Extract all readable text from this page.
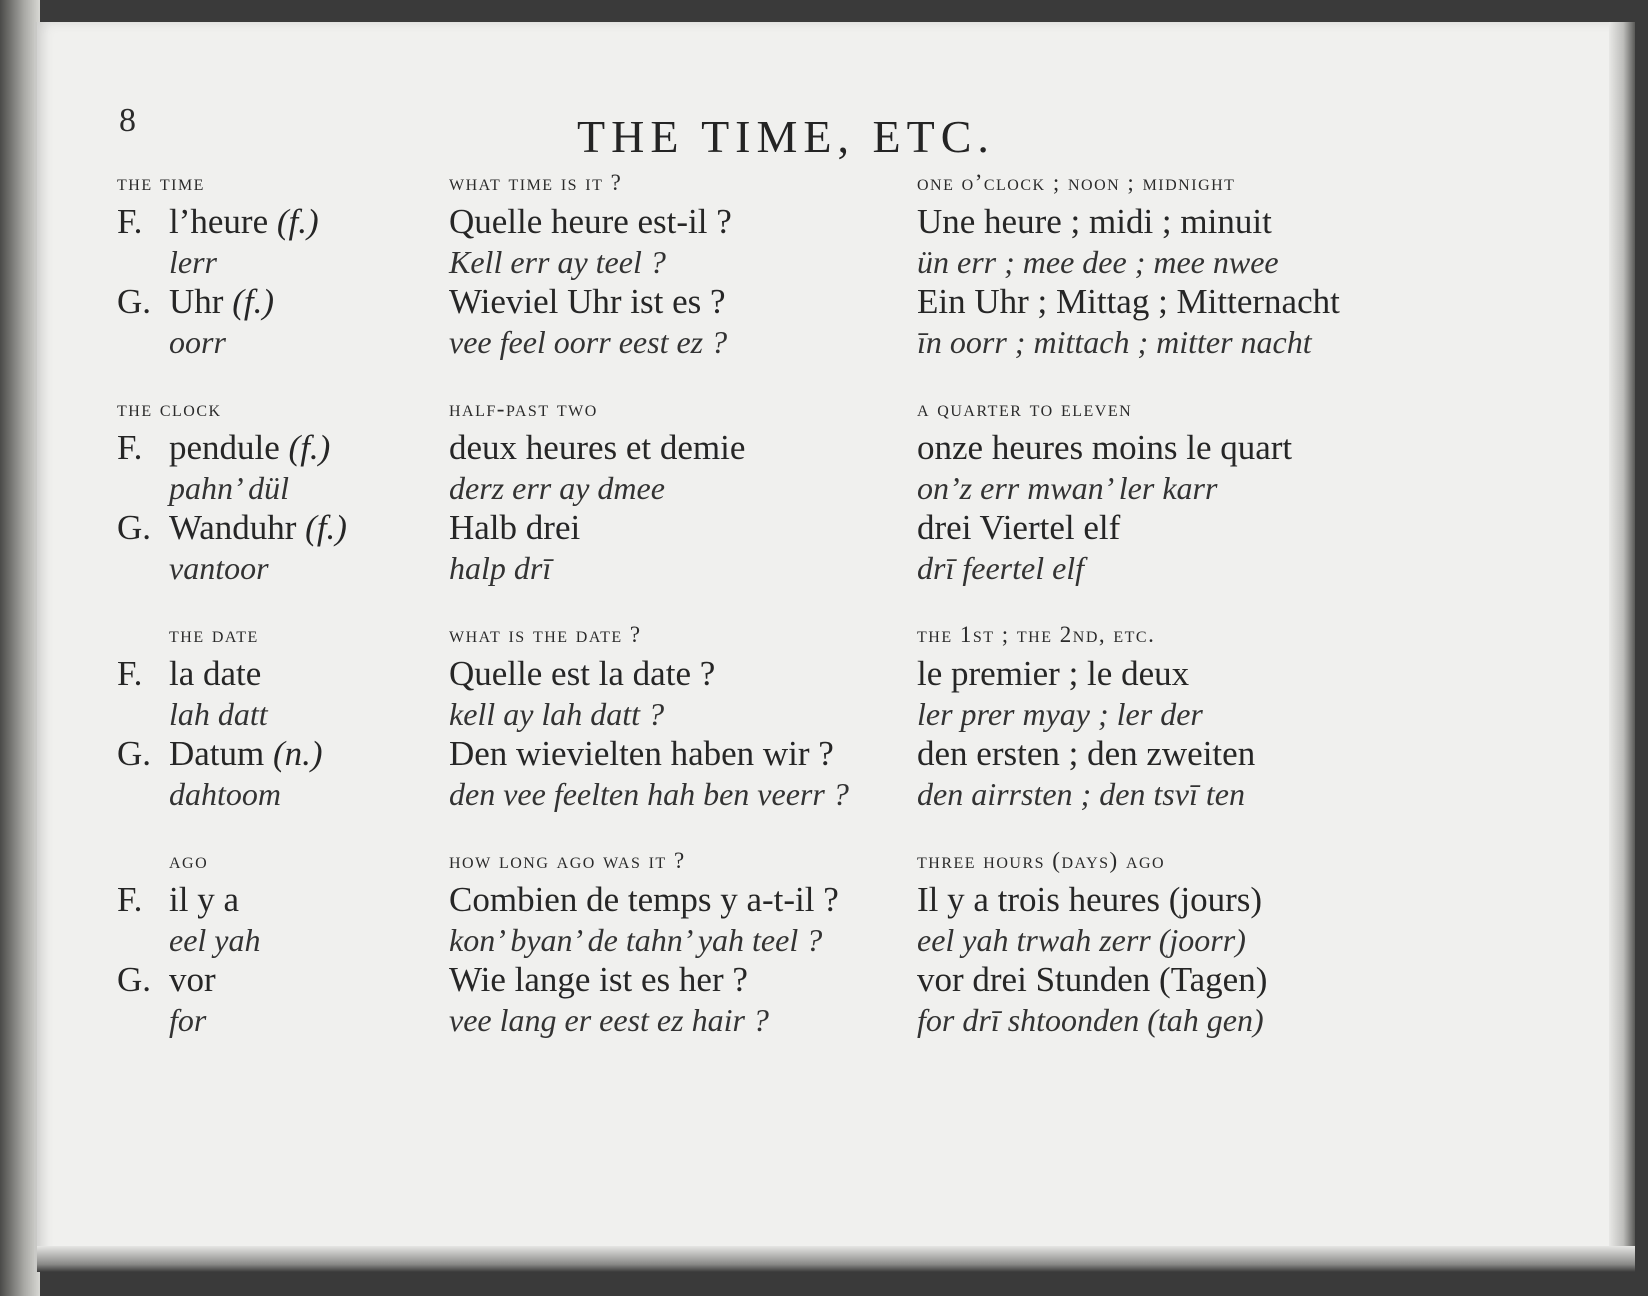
8	THE TIME, ETC.
the time
F. l’heure (f.)
lerr
G. Uhr (f.)
oorr
the clock
F. pendule (f.)
pahn’ dül
G. Wanduhr (f.)
vantoor
the date
F. la date
lah datt
G. Datum (n.)
dahtoom
ago
F. il y a
eel yah
G. vor
for
what time is it ?
Quelle heure est-il ?
Kell err ay teel ?
Wieviel Uhr ist es ?
vee feel oorr eest ez ?
half-past two
deux heures et demie
derz err ay dmee
Halb drei
halp drī
what is the date ?
Quelle est la date ?
kell ay lah datt ?
Den wievielten haben wir ?
den vee feelten hah ben veerr ?
how long ago was it ?
Combien de temps y a-t-il ?
kon’ byan’ de tahn’ yah teel ?
Wie lange ist es her ?
vee lang er eest ez hair ?
one o’clock ; noon ; midnight
Une heure ; midi ; minuit
ün err ; mee dee ; mee nwee
Ein Uhr ; Mittag ; Mitternacht
īn oorr ; mittach ; mitter nacht
a quarter to eleven
onze heures moins le quart
on’z err mwan’ ler karr
drei Viertel elf
drī feertel elf
the 1st ; the 2nd, etc.
le premier ; le deux
ler prer myay ; ler der
den ersten ; den zweiten
den airrsten ; den tsvī ten
three hours (days) ago
Il y a trois heures (jours)
eel yah trwah zerr (joorr)
vor drei Stunden (Tagen)
for drī shtoonden (tah gen)
